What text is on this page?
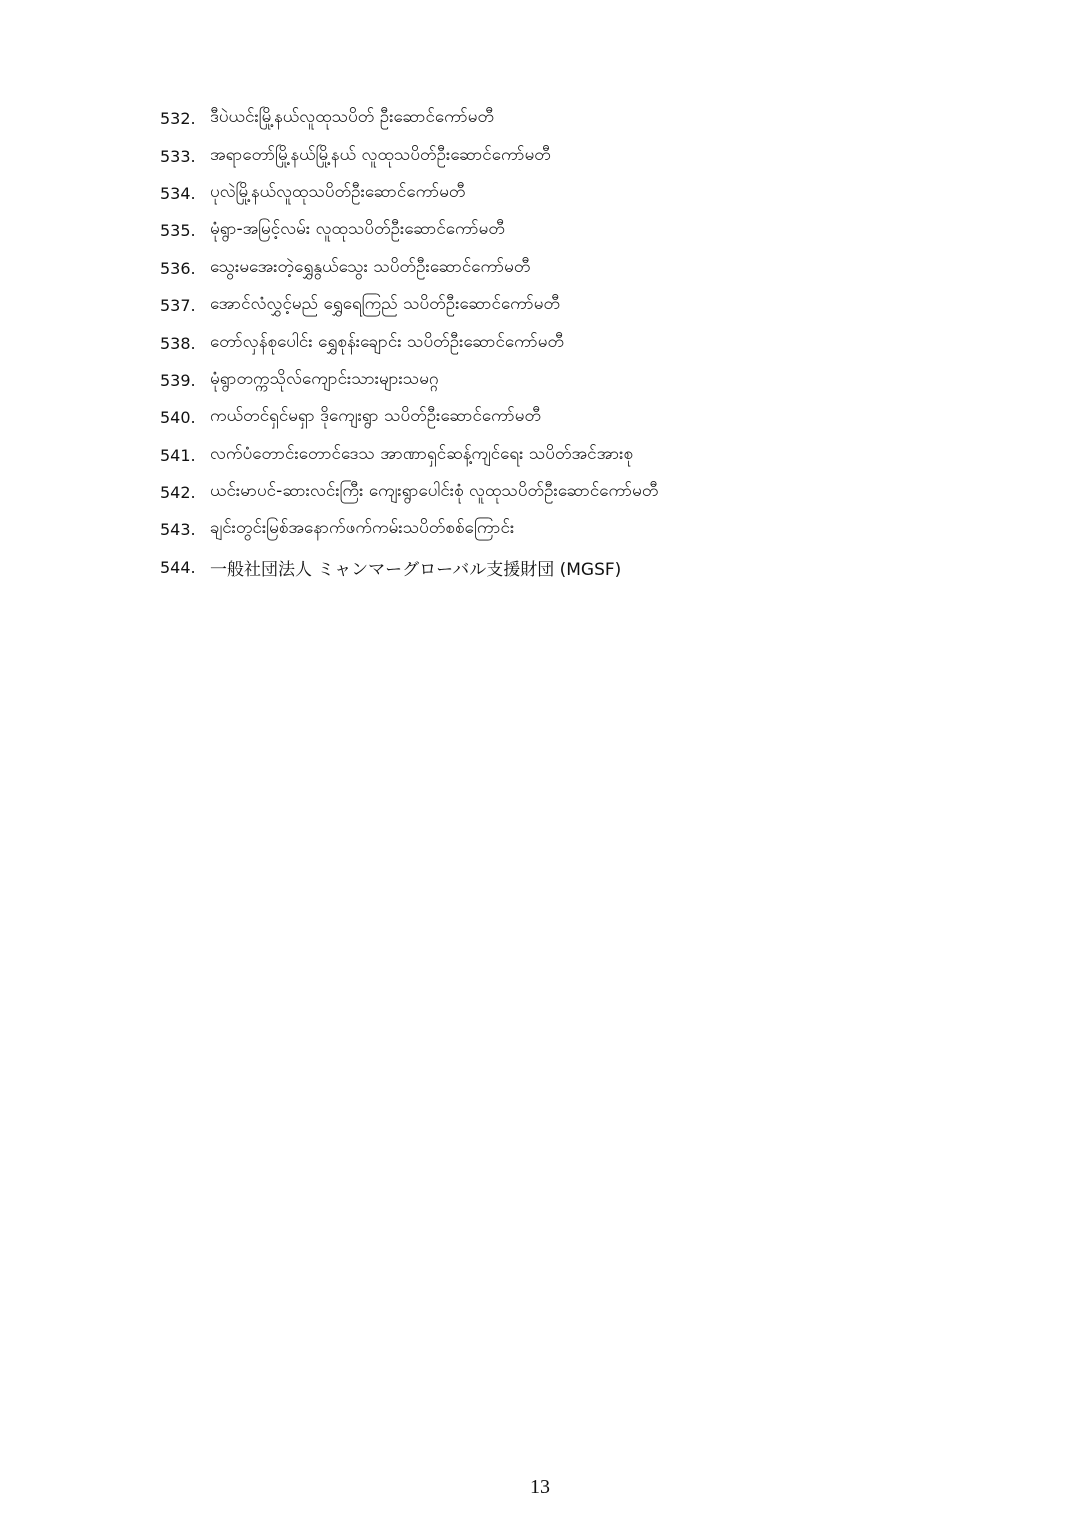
532. ဒီပဲယင်းမြို့နယ်လူထုသပိတ် ဦးဆောင်ကော်မတီ
533. အရာတော်မြို့နယ်မြို့နယ် လူထုသပိတ်ဦးဆောင်ကော်မတီ
534. ပုလဲမြို့နယ်လူထုသပိတ်ဦးဆောင်ကော်မတီ
535. မုံရွာ-အမြင့်လမ်း လူထုသပိတ်ဦးဆောင်ကော်မတီ
536. သွေးမအေးတဲ့ရွှေနွယ်သွေး သပိတ်ဦးဆောင်ကော်မတီ
537. အောင်လံလွှင့်မည် ရွှေရေကြည် သပိတ်ဦးဆောင်ကော်မတီ
538. တော်လှန်စုပေါင်း ရွှေစုန်းချောင်း သပိတ်ဦးဆောင်ကော်မတီ
539. မုံရွာတက္ကသိုလ်ကျောင်းသားများသမဂ္ဂ
540. ကယ်တင်ရှင်မရှာ ဒိုကျေးရွာ သပိတ်ဦးဆောင်ကော်မတီ
541. လက်ပံတောင်းတောင်ဒေသ အာဏာရှင်ဆန့်ကျင်ရေး သပိတ်အင်အားစု
542. ယင်းမာပင်-ဆားလင်းကြီး ကျေးရွာပေါင်းစုံ လူထုသပိတ်ဦးဆောင်ကော်မတီ
543. ချင်းတွင်းမြစ်အနောက်ဖက်ကမ်းသပိတ်စစ်ကြောင်း
544. 一般社団法人 ミャンマーグローバル支援財団 (MGSF)
13
